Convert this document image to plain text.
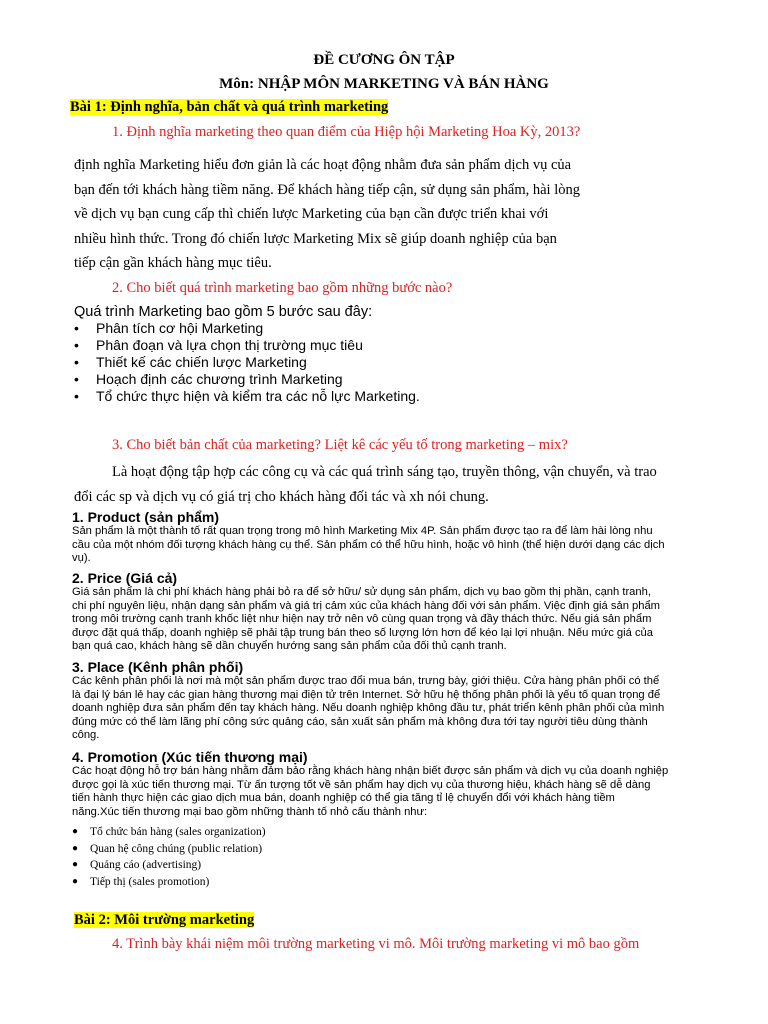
ĐỀ CƯƠNG ÔN TẬP
Môn: NHẬP MÔN MARKETING VÀ BÁN HÀNG
Bài 1: Định nghĩa, bản chất và quá trình marketing
1. Định nghĩa marketing theo quan điểm của Hiệp hội Marketing Hoa Kỳ, 2013?
định nghĩa Marketing hiểu đơn giản là các hoạt động nhằm đưa sản phẩm dịch vụ của
bạn đến tới khách hàng tiềm năng. Để khách hàng tiếp cận, sử dụng sản phẩm, hài lòng
về dịch vụ bạn cung cấp thì chiến lược Marketing của bạn cần được triển khai với
nhiều hình thức. Trong đó chiến lược Marketing Mix sẽ giúp doanh nghiệp của bạn
tiếp cận gần khách hàng mục tiêu.
2. Cho biết quá trình marketing bao gồm những bước nào?
Quá trình Marketing bao gồm 5 bước sau đây:
• Phân tích cơ hội Marketing
• Phân đoạn và lựa chọn thị trường mục tiêu
• Thiết kế các chiến lược Marketing
• Hoạch định các chương trình Marketing
• Tổ chức thực hiện và kiểm tra các nỗ lực Marketing.
3. Cho biết bản chất của marketing? Liệt kê các yếu tố trong marketing – mix?
Là hoạt động tập hợp các công cụ và các quá trình sáng tạo, truyền thông, vận chuyển, và trao
đổi các sp và dịch vụ có giá trị cho khách hàng đối tác và xh nói chung.
1. Product (sản phẩm)
Sản phẩm là một thành tố rất quan trọng trong mô hình Marketing Mix 4P. Sản phẩm được tạo ra để làm hài lòng nhu
cầu của một nhóm đối tượng khách hàng cụ thể. Sản phẩm có thể hữu hình, hoặc vô hình (thể hiện dưới dạng các dịch
vụ).
2. Price (Giá cả)
Giá sản phẩm là chi phí khách hàng phải bỏ ra để sở hữu/ sử dụng sản phẩm, dịch vụ bao gồm thị phần, cạnh tranh,
chi phí nguyên liệu, nhận dạng sản phẩm và giá trị cảm xúc của khách hàng đối với sản phẩm. Việc định giá sản phẩm
trong môi trường cạnh tranh khốc liệt như hiện nay trở nên vô cùng quan trọng và đầy thách thức. Nếu giá sản phẩm
được đặt quá thấp, doanh nghiệp sẽ phải tập trung bán theo số lượng lớn hơn để kéo lại lợi nhuận. Nếu mức giá của
bạn quá cao, khách hàng sẽ dần chuyển hướng sang sản phẩm của đối thủ cạnh tranh.
3. Place (Kênh phân phối)
Các kênh phân phối là nơi mà một sản phẩm được trao đổi mua bán, trưng bày, giới thiệu. Cửa hàng phân phối có thể
là đại lý bán lẻ hay các gian hàng thương mại điện tử trên Internet. Sở hữu hệ thống phân phối là yếu tố quan trọng để
doanh nghiệp đưa sản phẩm đến tay khách hàng. Nếu doanh nghiệp không đầu tư, phát triển kênh phân phối của mình
đúng mức có thể làm lãng phí công sức quảng cáo, sản xuất sản phẩm mà không đưa tới tay người tiêu dùng thành
công.
4. Promotion (Xúc tiến thương mại)
Các hoạt động hỗ trợ bán hàng nhằm đảm bảo rằng khách hàng nhận biết được sản phẩm và dịch vụ của doanh nghiệp
được gọi là xúc tiến thương mại. Từ ấn tượng tốt về sản phẩm hay dịch vụ của thương hiệu, khách hàng sẽ dễ dàng
tiến hành thực hiện các giao dịch mua bán, doanh nghiệp có thể gia tăng tỉ lệ chuyển đổi với khách hàng tiềm
năng.Xúc tiến thương mại bao gồm những thành tố nhỏ cấu thành như:
● Tổ chức bán hàng (sales organization)
● Quan hệ công chúng (public relation)
● Quảng cáo (advertising)
● Tiếp thị (sales promotion)
Bài 2: Môi trường marketing
4. Trình bày khái niệm môi trường marketing vi mô. Môi trường marketing vi mô bao gồm
